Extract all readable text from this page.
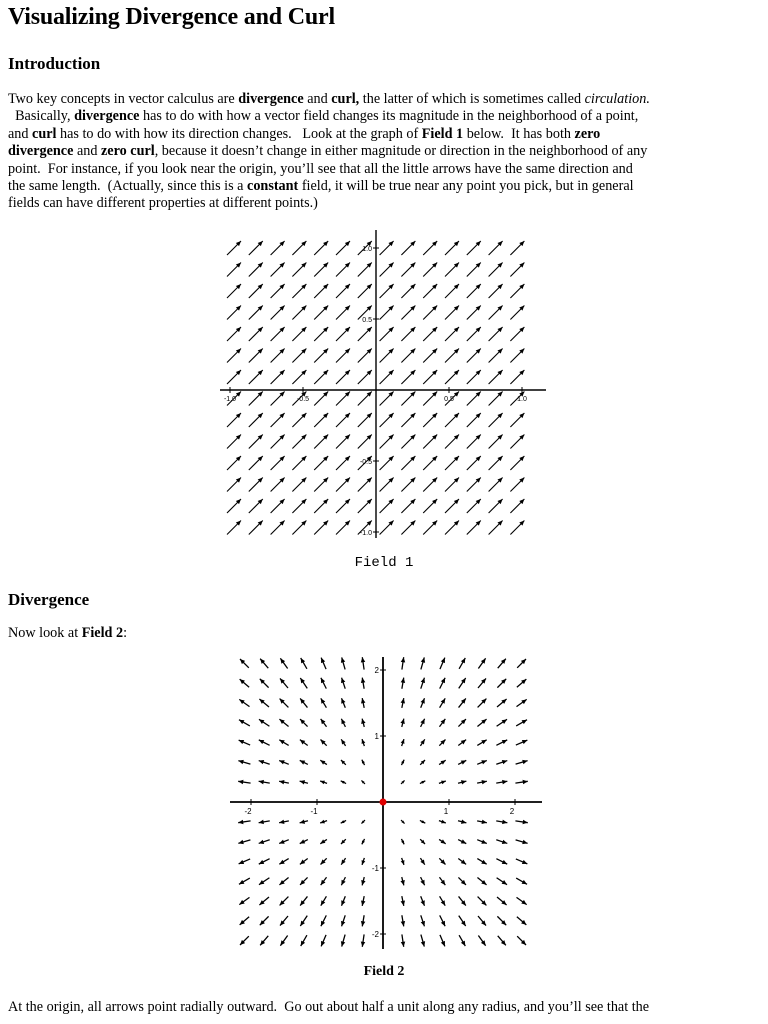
Visualizing Divergence and Curl
Introduction
Two key concepts in vector calculus are divergence and curl, the latter of which is sometimes called circulation.
Basically, divergence has to do with how a vector field changes its magnitude in the neighborhood of a point,
and curl has to do with how its direction changes.   Look at the graph of Field 1 below.  It has both zero
divergence and zero curl, because it doesn’t change in either magnitude or direction in the neighborhood of any
point.  For instance, if you look near the origin, you’ll see that all the little arrows have the same direction and
the same length.  (Actually, since this is a constant field, it will be true near any point you pick, but in general
fields can have different properties at different points.)
-1.0	-0.5	0.5	1.0
1.0
0.5
-0.5
-1.0
Field 1
Divergence
Now look at Field 2:
-2	-1	1	2
2
1
-1
-2
Field 2
At the origin, all arrows point radially outward.  Go out about half a unit along any radius, and you’ll see that the
